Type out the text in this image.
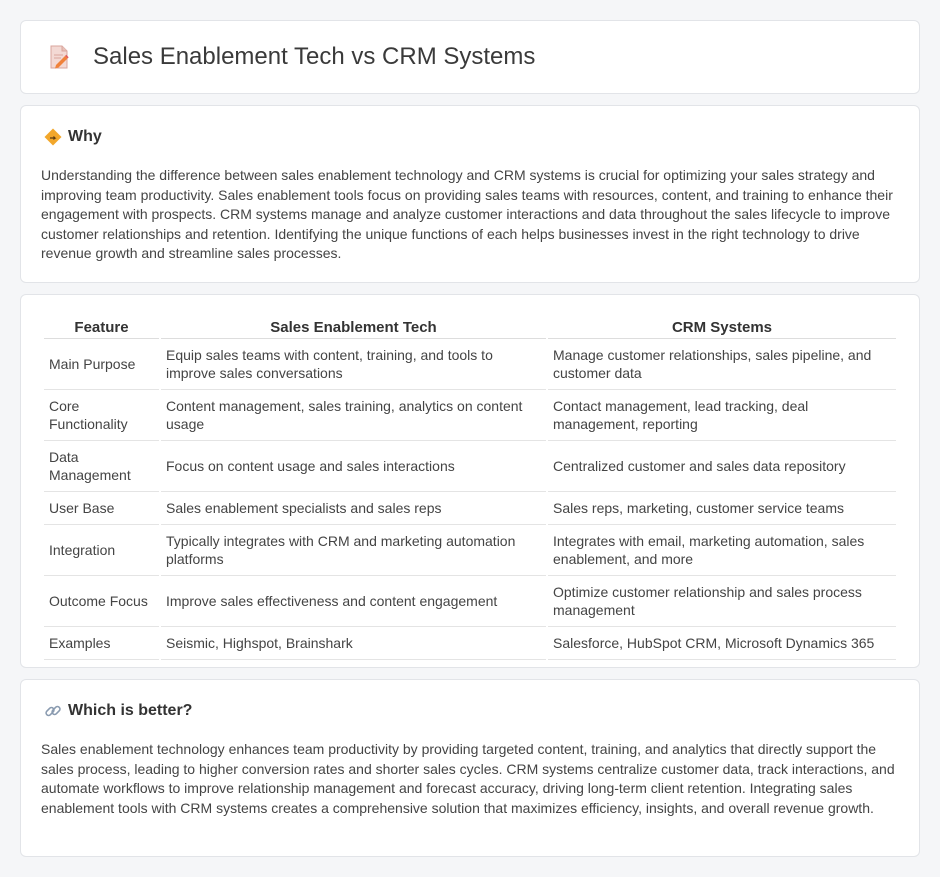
Sales Enablement Tech vs CRM Systems
Why

Understanding the difference between sales enablement technology and CRM systems is crucial for optimizing your sales strategy and improving team productivity. Sales enablement tools focus on providing sales teams with resources, content, and training to enhance their engagement with prospects. CRM systems manage and analyze customer interactions and data throughout the sales lifecycle to improve customer relationships and retention. Identifying the unique functions of each helps businesses invest in the right technology to drive revenue growth and streamline sales processes.

Feature	Sales Enablement Tech	CRM Systems
Main Purpose	Equip sales teams with content, training, and tools to improve sales conversations	Manage customer relationships, sales pipeline, and customer data
Core Functionality	Content management, sales training, analytics on content usage	Contact management, lead tracking, deal management, reporting
Data Management	Focus on content usage and sales interactions	Centralized customer and sales data repository
User Base	Sales enablement specialists and sales reps	Sales reps, marketing, customer service teams
Integration	Typically integrates with CRM and marketing automation platforms	Integrates with email, marketing automation, sales enablement, and more
Outcome Focus	Improve sales effectiveness and content engagement	Optimize customer relationship and sales process management
Examples	Seismic, Highspot, Brainshark	Salesforce, HubSpot CRM, Microsoft Dynamics 365
Which is better?

Sales enablement technology enhances team productivity by providing targeted content, training, and analytics that directly support the sales process, leading to higher conversion rates and shorter sales cycles. CRM systems centralize customer data, track interactions, and automate workflows to improve relationship management and forecast accuracy, driving long-term client retention. Integrating sales enablement tools with CRM systems creates a comprehensive solution that maximizes efficiency, insights, and overall revenue growth.
